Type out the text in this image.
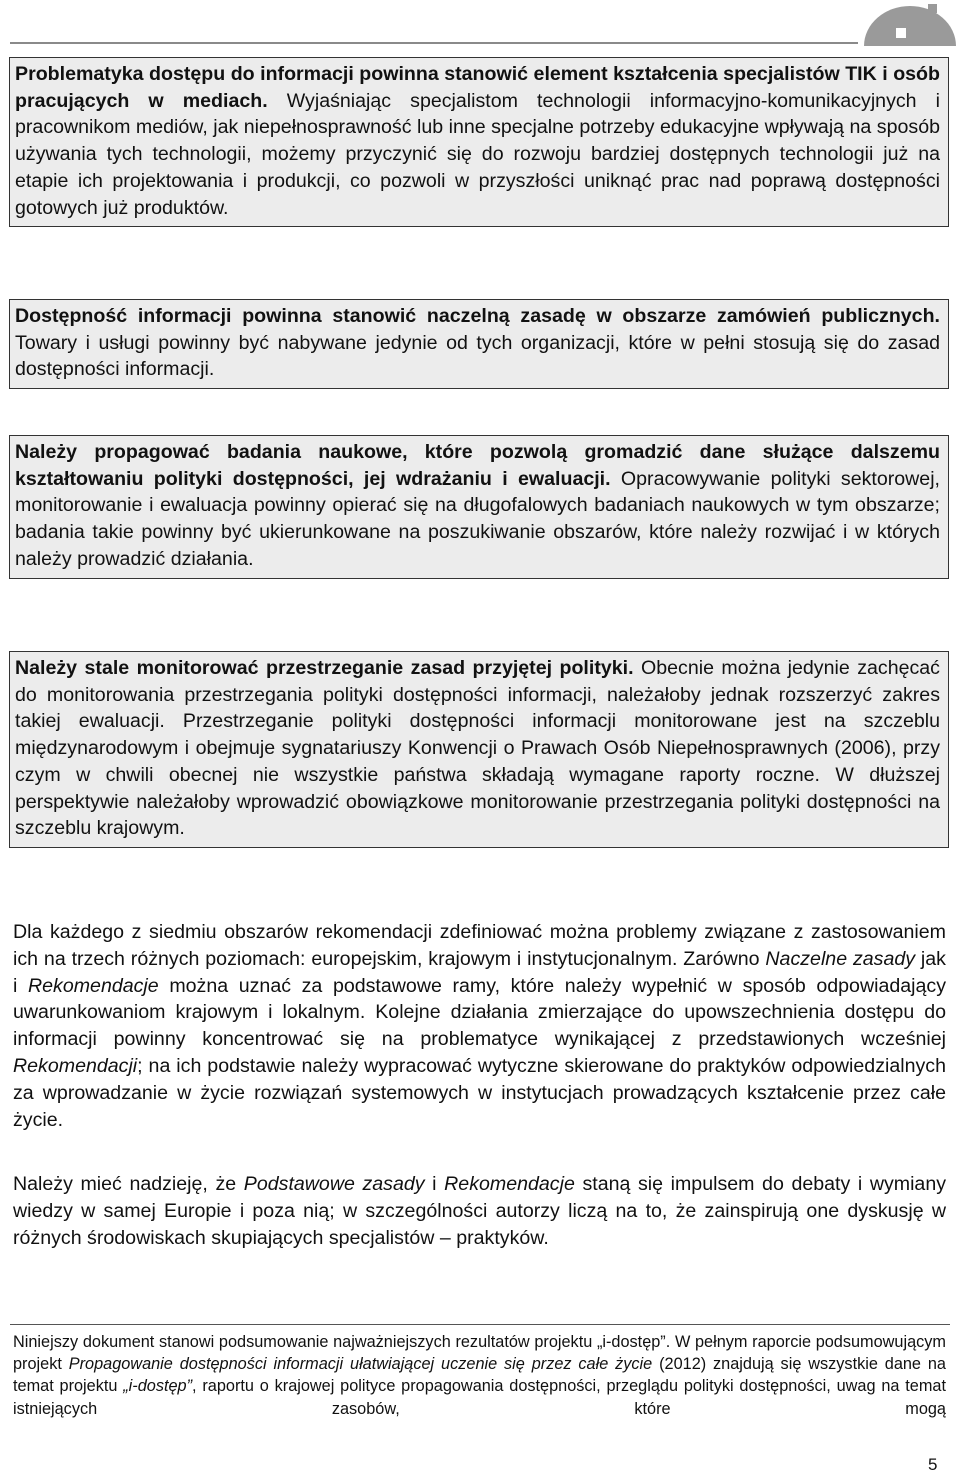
Problematyka dostępu do informacji powinna stanowić element kształcenia specjalistów TIK i osób pracujących w mediach. Wyjaśniając specjalistom technologii informacyjno-komunikacyjnych i pracownikom mediów, jak niepełnosprawność lub inne specjalne potrzeby edukacyjne wpływają na sposób używania tych technologii, możemy przyczynić się do rozwoju bardziej dostępnych technologii już na etapie ich projektowania i produkcji, co pozwoli w przyszłości uniknąć prac nad poprawą dostępności gotowych już produktów.
Dostępność informacji powinna stanowić naczelną zasadę w obszarze zamówień publicznych. Towary i usługi powinny być nabywane jedynie od tych organizacji, które w pełni stosują się do zasad dostępności informacji.
Należy propagować badania naukowe, które pozwolą gromadzić dane służące dalszemu kształtowaniu polityki dostępności, jej wdrażaniu i ewaluacji. Opracowywanie polityki sektorowej, monitorowanie i ewaluacja powinny opierać się na długofalowych badaniach naukowych w tym obszarze; badania takie powinny być ukierunkowane na poszukiwanie obszarów, które należy rozwijać i w których należy prowadzić działania.
Należy stale monitorować przestrzeganie zasad przyjętej polityki. Obecnie można jedynie zachęcać do monitorowania przestrzegania polityki dostępności informacji, należałoby jednak rozszerzyć zakres takiej ewaluacji. Przestrzeganie polityki dostępności informacji monitorowane jest na szczeblu międzynarodowym i obejmuje sygnatariuszy Konwencji o Prawach Osób Niepełnosprawnych (2006), przy czym w chwili obecnej nie wszystkie państwa składają wymagane raporty roczne. W dłuższej perspektywie należałoby wprowadzić obowiązkowe monitorowanie przestrzegania polityki dostępności na szczeblu krajowym.

Dla każdego z siedmiu obszarów rekomendacji zdefiniować można problemy związane z zastosowaniem ich na trzech różnych poziomach: europejskim, krajowym i instytucjonalnym. Zarówno Naczelne zasady jak i Rekomendacje można uznać za podstawowe ramy, które należy wypełnić w sposób odpowiadający uwarunkowaniom krajowym i lokalnym. Kolejne działania zmierzające do upowszechnienia dostępu do informacji powinny koncentrować się na problematyce wynikającej z przedstawionych wcześniej Rekomendacji; na ich podstawie należy wypracować wytyczne skierowane do praktyków odpowiedzialnych za wprowadzanie w życie rozwiązań systemowych w instytucjach prowadzących kształcenie przez całe życie.

Należy mieć nadzieję, że Podstawowe zasady i Rekomendacje staną się impulsem do debaty i wymiany wiedzy w samej Europie i poza nią; w szczególności autorzy liczą na to, że zainspirują one dyskusję w różnych środowiskach skupiających specjalistów – praktyków.

Niniejszy dokument stanowi podsumowanie najważniejszych rezultatów projektu „i-dostęp”. W pełnym raporcie podsumowującym projekt Propagowanie dostępności informacji ułatwiającej uczenie się przez całe życie (2012) znajdują się wszystkie dane na temat projektu „i-dostęp”, raportu o krajowej polityce propagowania dostępności, przeglądu polityki dostępności, uwag na temat istniejących zasobów, które mogą

5
